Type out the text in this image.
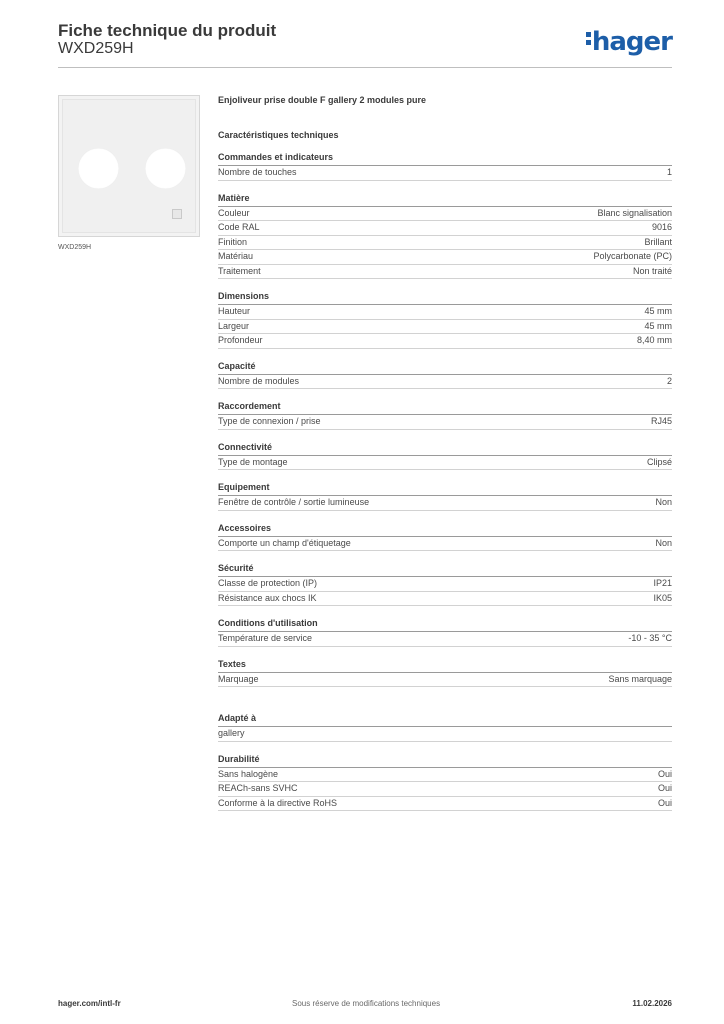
Fiche technique du produit
WXD259H	hager
WXD259H
Enjoliveur prise double F gallery 2 modules pure
Caractéristiques techniques
Commandes et indicateurs
Nombre de touches	1
Matière
Couleur	Blanc signalisation
Code RAL	9016
Finition	Brillant
Matériau	Polycarbonate (PC)
Traitement	Non traité
Dimensions
Hauteur	45 mm
Largeur	45 mm
Profondeur	8,40 mm
Capacité
Nombre de modules	2
Raccordement
Type de connexion / prise	RJ45
Connectivité
Type de montage	Clipsé
Equipement
Fenêtre de contrôle / sortie lumineuse	Non
Accessoires
Comporte un champ d'étiquetage	Non
Sécurité
Classe de protection (IP)	IP21
Résistance aux chocs IK	IK05
Conditions d'utilisation
Température de service	-10 - 35 °C
Textes
Marquage	Sans marquage
Adapté à
gallery
Durabilité
Sans halogène	Oui
REACh-sans SVHC	Oui
Conforme à la directive RoHS	Oui
hager.com/intl-fr	Sous réserve de modifications techniques	11.02.2026
